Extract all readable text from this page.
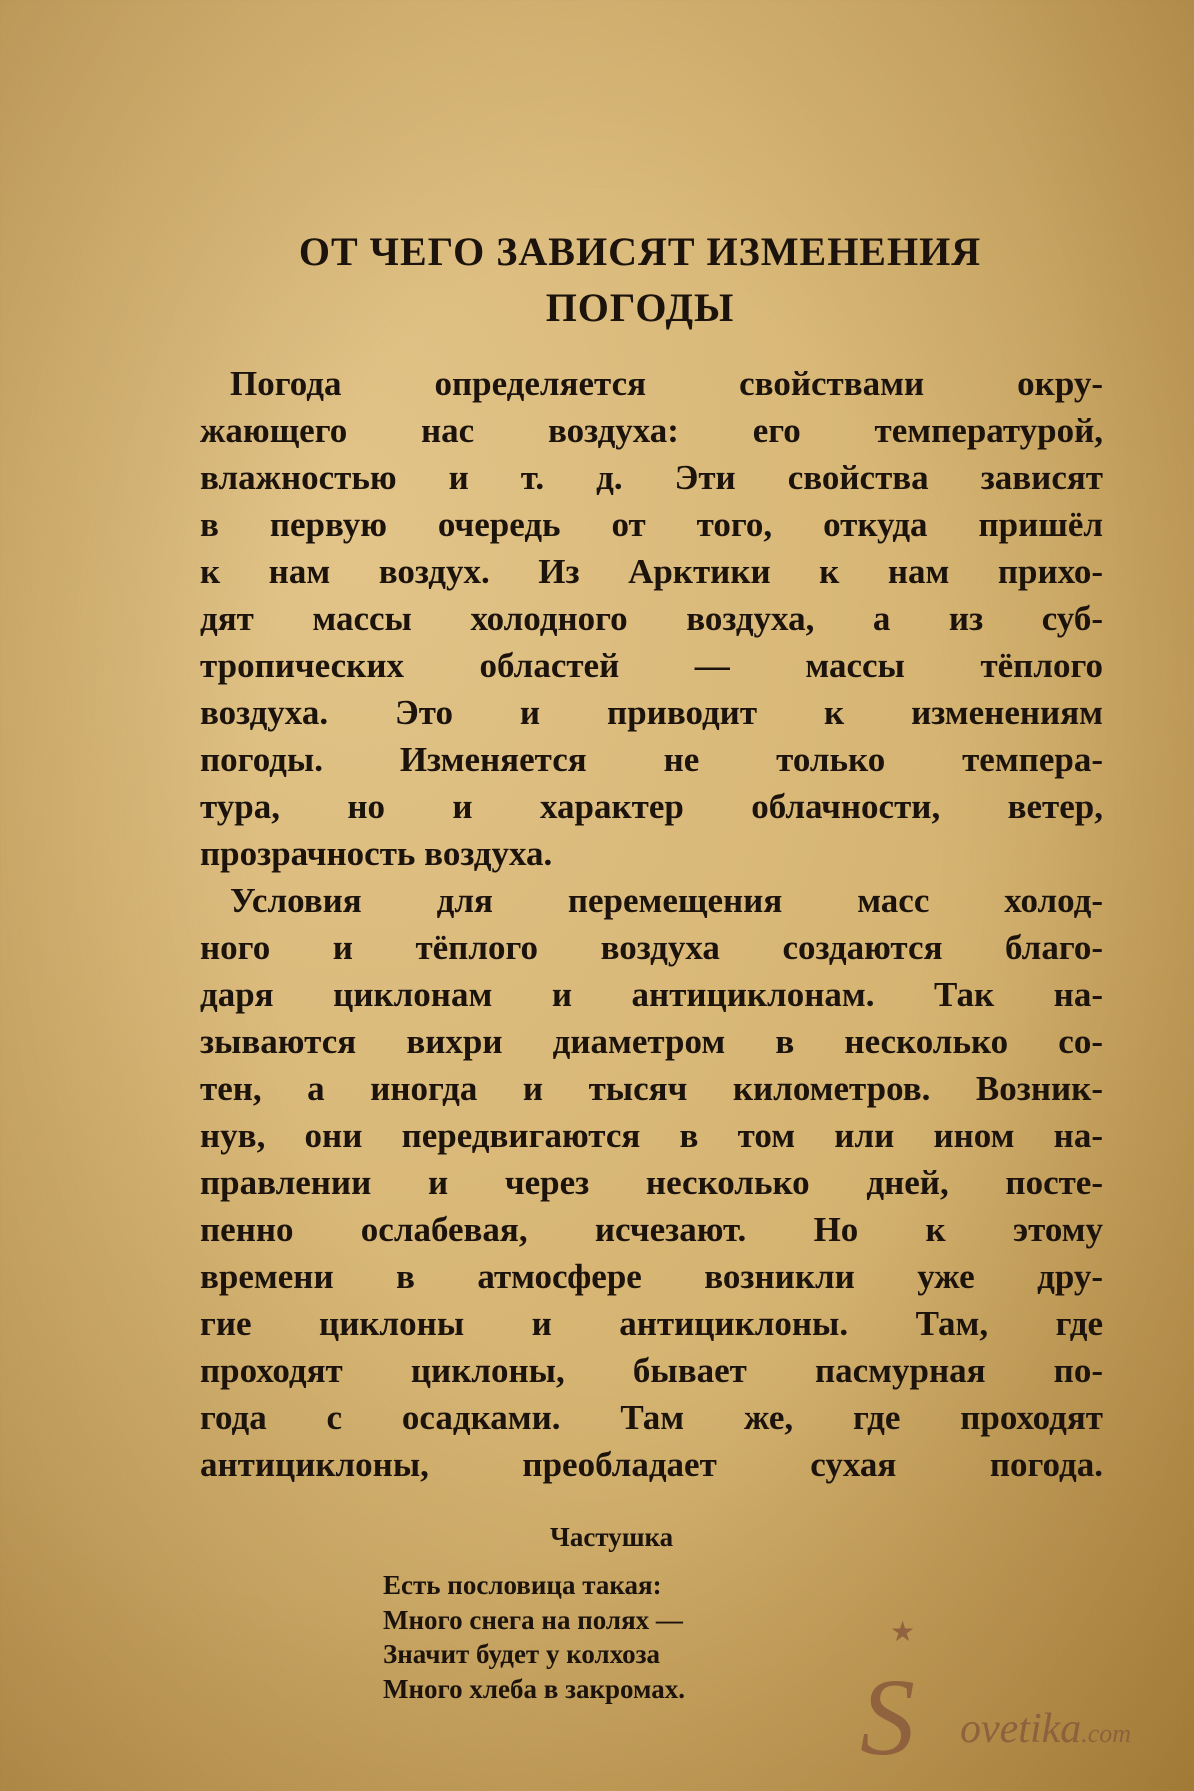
ОТ ЧЕГО ЗАВИСЯТ ИЗМЕНЕНИЯ
ПОГОДЫ
Погода определяется свойствами окру-
жающего нас воздуха: его температурой,
влажностью и т. д. Эти свойства зависят
в первую очередь от того, откуда пришёл
к нам воздух. Из Арктики к нам прихо-
дят массы холодного воздуха, а из суб-
тропических областей — массы тёплого
воздуха. Это и приводит к изменениям
погоды. Изменяется не только темпера-
тура, но и характер облачности, ветер,
прозрачность воздуха.
Условия для перемещения масс холод-
ного и тёплого воздуха создаются благо-
даря циклонам и антициклонам. Так на-
зываются вихри диаметром в несколько со-
тен, а иногда и тысяч километров. Возник-
нув, они передвигаются в том или ином на-
правлении и через несколько дней, посте-
пенно ослабевая, исчезают. Но к этому
времени в атмосфере возникли уже дру-
гие циклоны и антициклоны. Там, где
проходят циклоны, бывает пасмурная по-
года с осадками. Там же, где проходят
антициклоны, преобладает сухая погода.
Частушка
Есть пословица такая:
Много снега на полях —
Значит будет у колхоза
Много хлеба в закромах.
★
S ovetika.com
